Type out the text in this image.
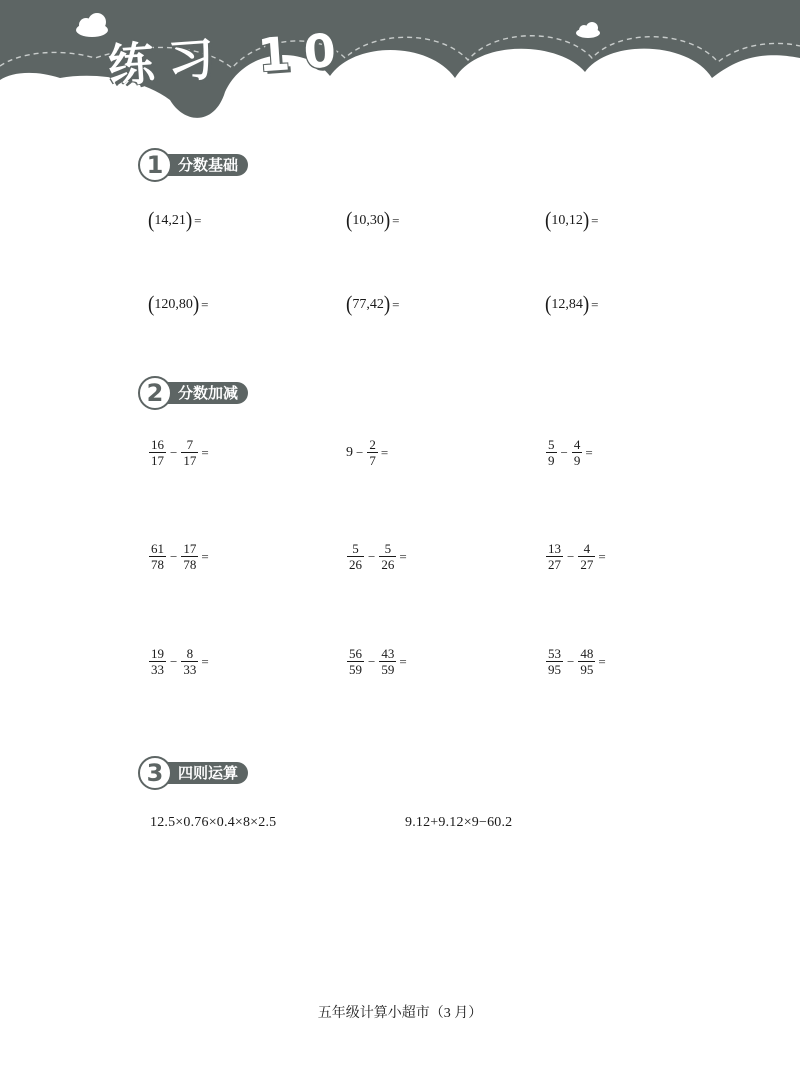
练习 10
1 分数基础
( 14 , 21 ) =	( 10 , 30 ) =	( 10 , 12 ) =
( 120 , 80 ) =	( 77 , 42 ) =	( 12 , 84 ) =
2 分数加减
$\frac{16}{17} - \frac{7}{17}$ =	$9 - \frac{2}{7}$ =	$\frac{5}{9} - \frac{4}{9}$ =
$\frac{61}{78} - \frac{17}{78}$ =	$\frac{5}{26} - \frac{5}{26}$ =	$\frac{13}{27} - \frac{4}{27}$ =
$\frac{19}{33} - \frac{8}{33}$ =	$\frac{56}{59} - \frac{43}{59}$ =	$\frac{53}{95} - \frac{48}{95}$ =
3 四则运算
12.5×0.76×0.4×8×2.5	9.12+9.12×9−60.2
五年级计算小超市（3 月）
